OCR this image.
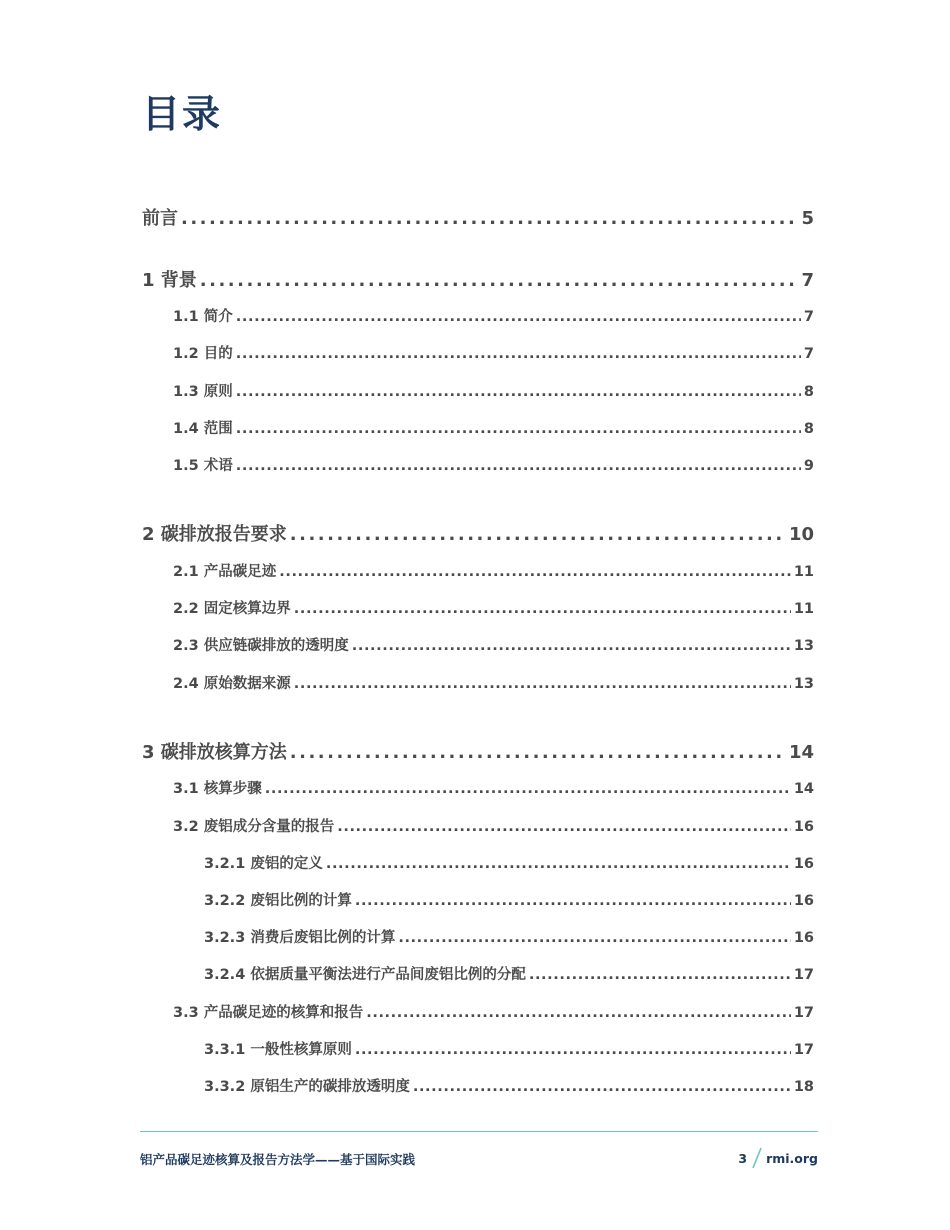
目录
前言 .....	5
1 背景 .....	7
1.1 简介 .....	7
1.2 目的 .....	7
1.3 原则 .....	8
1.4 范围 .....	8
1.5 术语 .....	9
2 碳排放报告要求 .....	10
2.1 产品碳足迹 .....	11
2.2 固定核算边界 .....	11
2.3 供应链碳排放的透明度 .....	13
2.4 原始数据来源 .....	13
3 碳排放核算方法 .....	14
3.1 核算步骤 .....	14
3.2 废铝成分含量的报告 .....	16
3.2.1 废铝的定义 .....	16
3.2.2 废铝比例的计算 .....	16
3.2.3 消费后废铝比例的计算 .....	16
3.2.4 依据质量平衡法进行产品间废铝比例的分配 .....	17
3.3 产品碳足迹的核算和报告 .....	17
3.3.1 一般性核算原则 .....	17
3.3.2 原铝生产的碳排放透明度 .....	18
铝产品碳足迹核算及报告方法学——基于国际实践	3 rmi.org
